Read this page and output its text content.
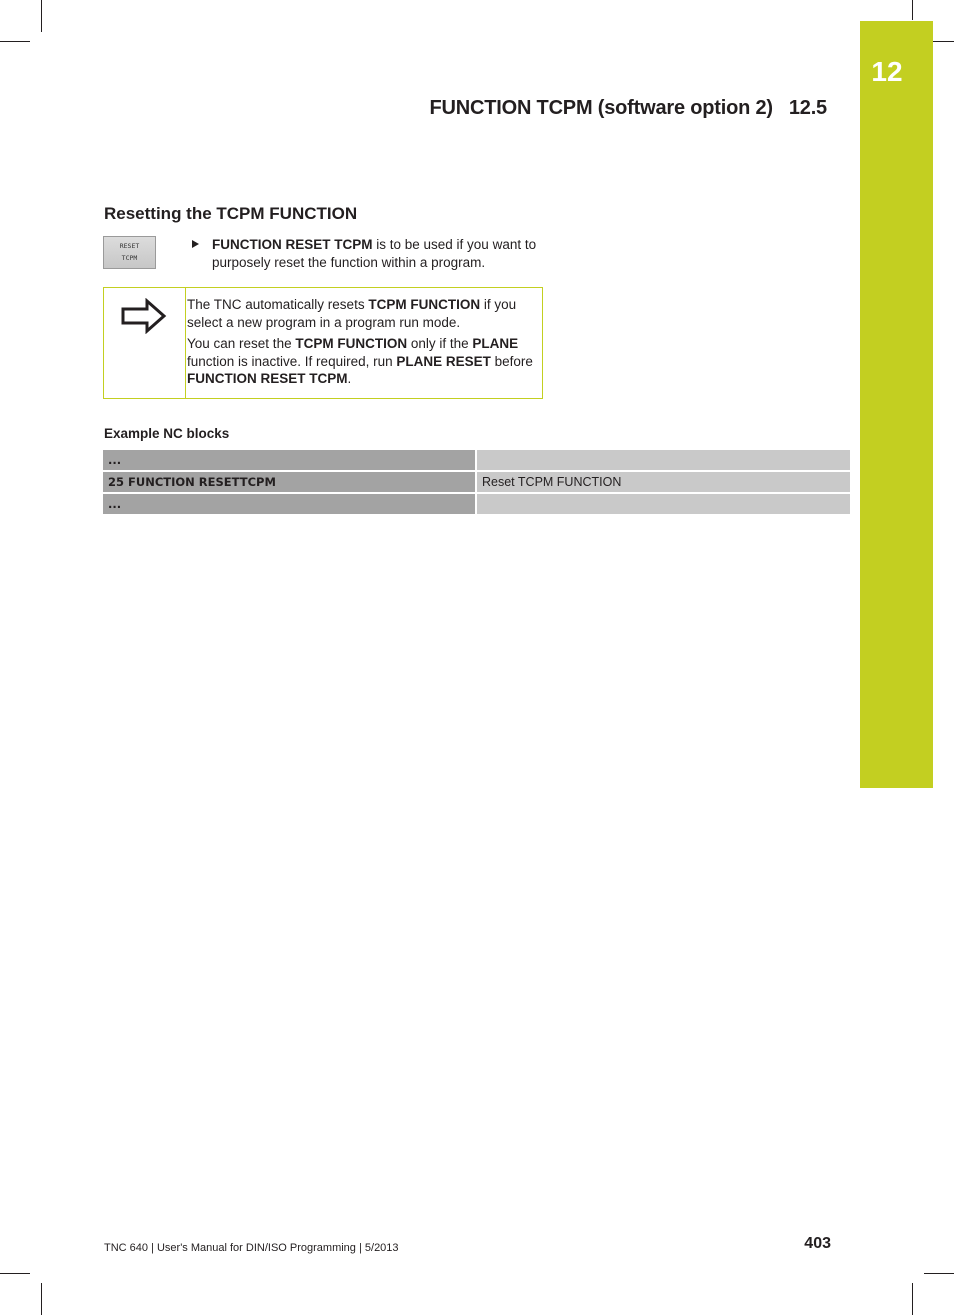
12
FUNCTION TCPM (software option 2) 12.5
Resetting the TCPM FUNCTION
RESET
TCPM
FUNCTION RESET TCPM is to be used if you want to purposely reset the function within a program.

The TNC automatically resets TCPM FUNCTION if you select a new program in a program run mode.

You can reset the TCPM FUNCTION only if the PLANE function is inactive. If required, run PLANE RESET before FUNCTION RESET TCPM.

Example NC blocks
...	
25 FUNCTION RESETTCPM	Reset TCPM FUNCTION
...	
TNC 640 | User's Manual for DIN/ISO Programming | 5/2013	403
